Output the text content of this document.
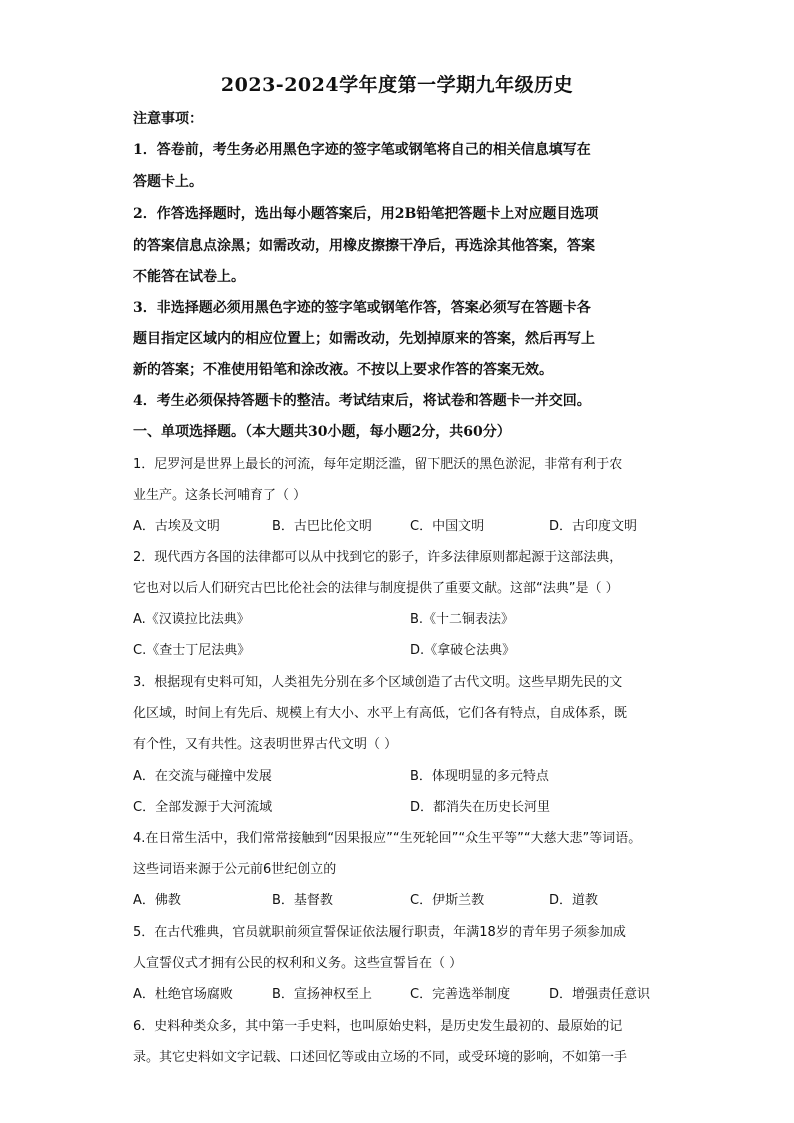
2023-2024学年度第一学期九年级历史
注意事项：
1．答卷前，考生务必用黑色字迹的签字笔或钢笔将自己的相关信息填写在
答题卡上。
2．作答选择题时，选出每小题答案后，用2B铅笔把答题卡上对应题目选项
的答案信息点涂黑；如需改动，用橡皮擦擦干净后，再选涂其他答案，答案
不能答在试卷上。
3．非选择题必须用黑色字迹的签字笔或钢笔作答，答案必须写在答题卡各
题目指定区域内的相应位置上；如需改动，先划掉原来的答案，然后再写上
新的答案；不准使用铅笔和涂改液。不按以上要求作答的答案无效。
4．考生必须保持答题卡的整洁。考试结束后，将试卷和答题卡一并交回。
一、单项选择题。（本大题共30小题，每小题2分，共60分）
1．尼罗河是世界上最长的河流，每年定期泛滥，留下肥沃的黑色淤泥，非常有利于农
业生产。这条长河哺育了（ ）
A．古埃及文明	B．古巴比伦文明	C．中国文明	D．古印度文明
2．现代西方各国的法律都可以从中找到它的影子，许多法律原则都起源于这部法典，
它也对以后人们研究古巴比伦社会的法律与制度提供了重要文献。这部“法典”是（ ）
A.《汉谟拉比法典》	B.《十二铜表法》
C.《查士丁尼法典》	D.《拿破仑法典》
3．根据现有史料可知，人类祖先分别在多个区域创造了古代文明。这些早期先民的文
化区域，时间上有先后、规模上有大小、水平上有高低，它们各有特点，自成体系，既
有个性，又有共性。这表明世界古代文明（ ）
A．在交流与碰撞中发展	B．体现明显的多元特点
C．全部发源于大河流域	D．都消失在历史长河里
4.在日常生活中，我们常常接触到“因果报应”“生死轮回”“众生平等”“大慈大悲”等词语。
这些词语来源于公元前6世纪创立的
A．佛教	B．基督教	C．伊斯兰教	D．道教
5．在古代雅典，官员就职前须宣誓保证依法履行职责，年满18岁的青年男子须参加成
人宣誓仪式才拥有公民的权利和义务。这些宣誓旨在（ ）
A．杜绝官场腐败	B．宣扬神权至上	C．完善选举制度	D．增强责任意识
6．史料种类众多，其中第一手史料，也叫原始史料，是历史发生最初的、最原始的记
录。其它史料如文字记载、口述回忆等或由立场的不同，或受环境的影响，不如第一手
